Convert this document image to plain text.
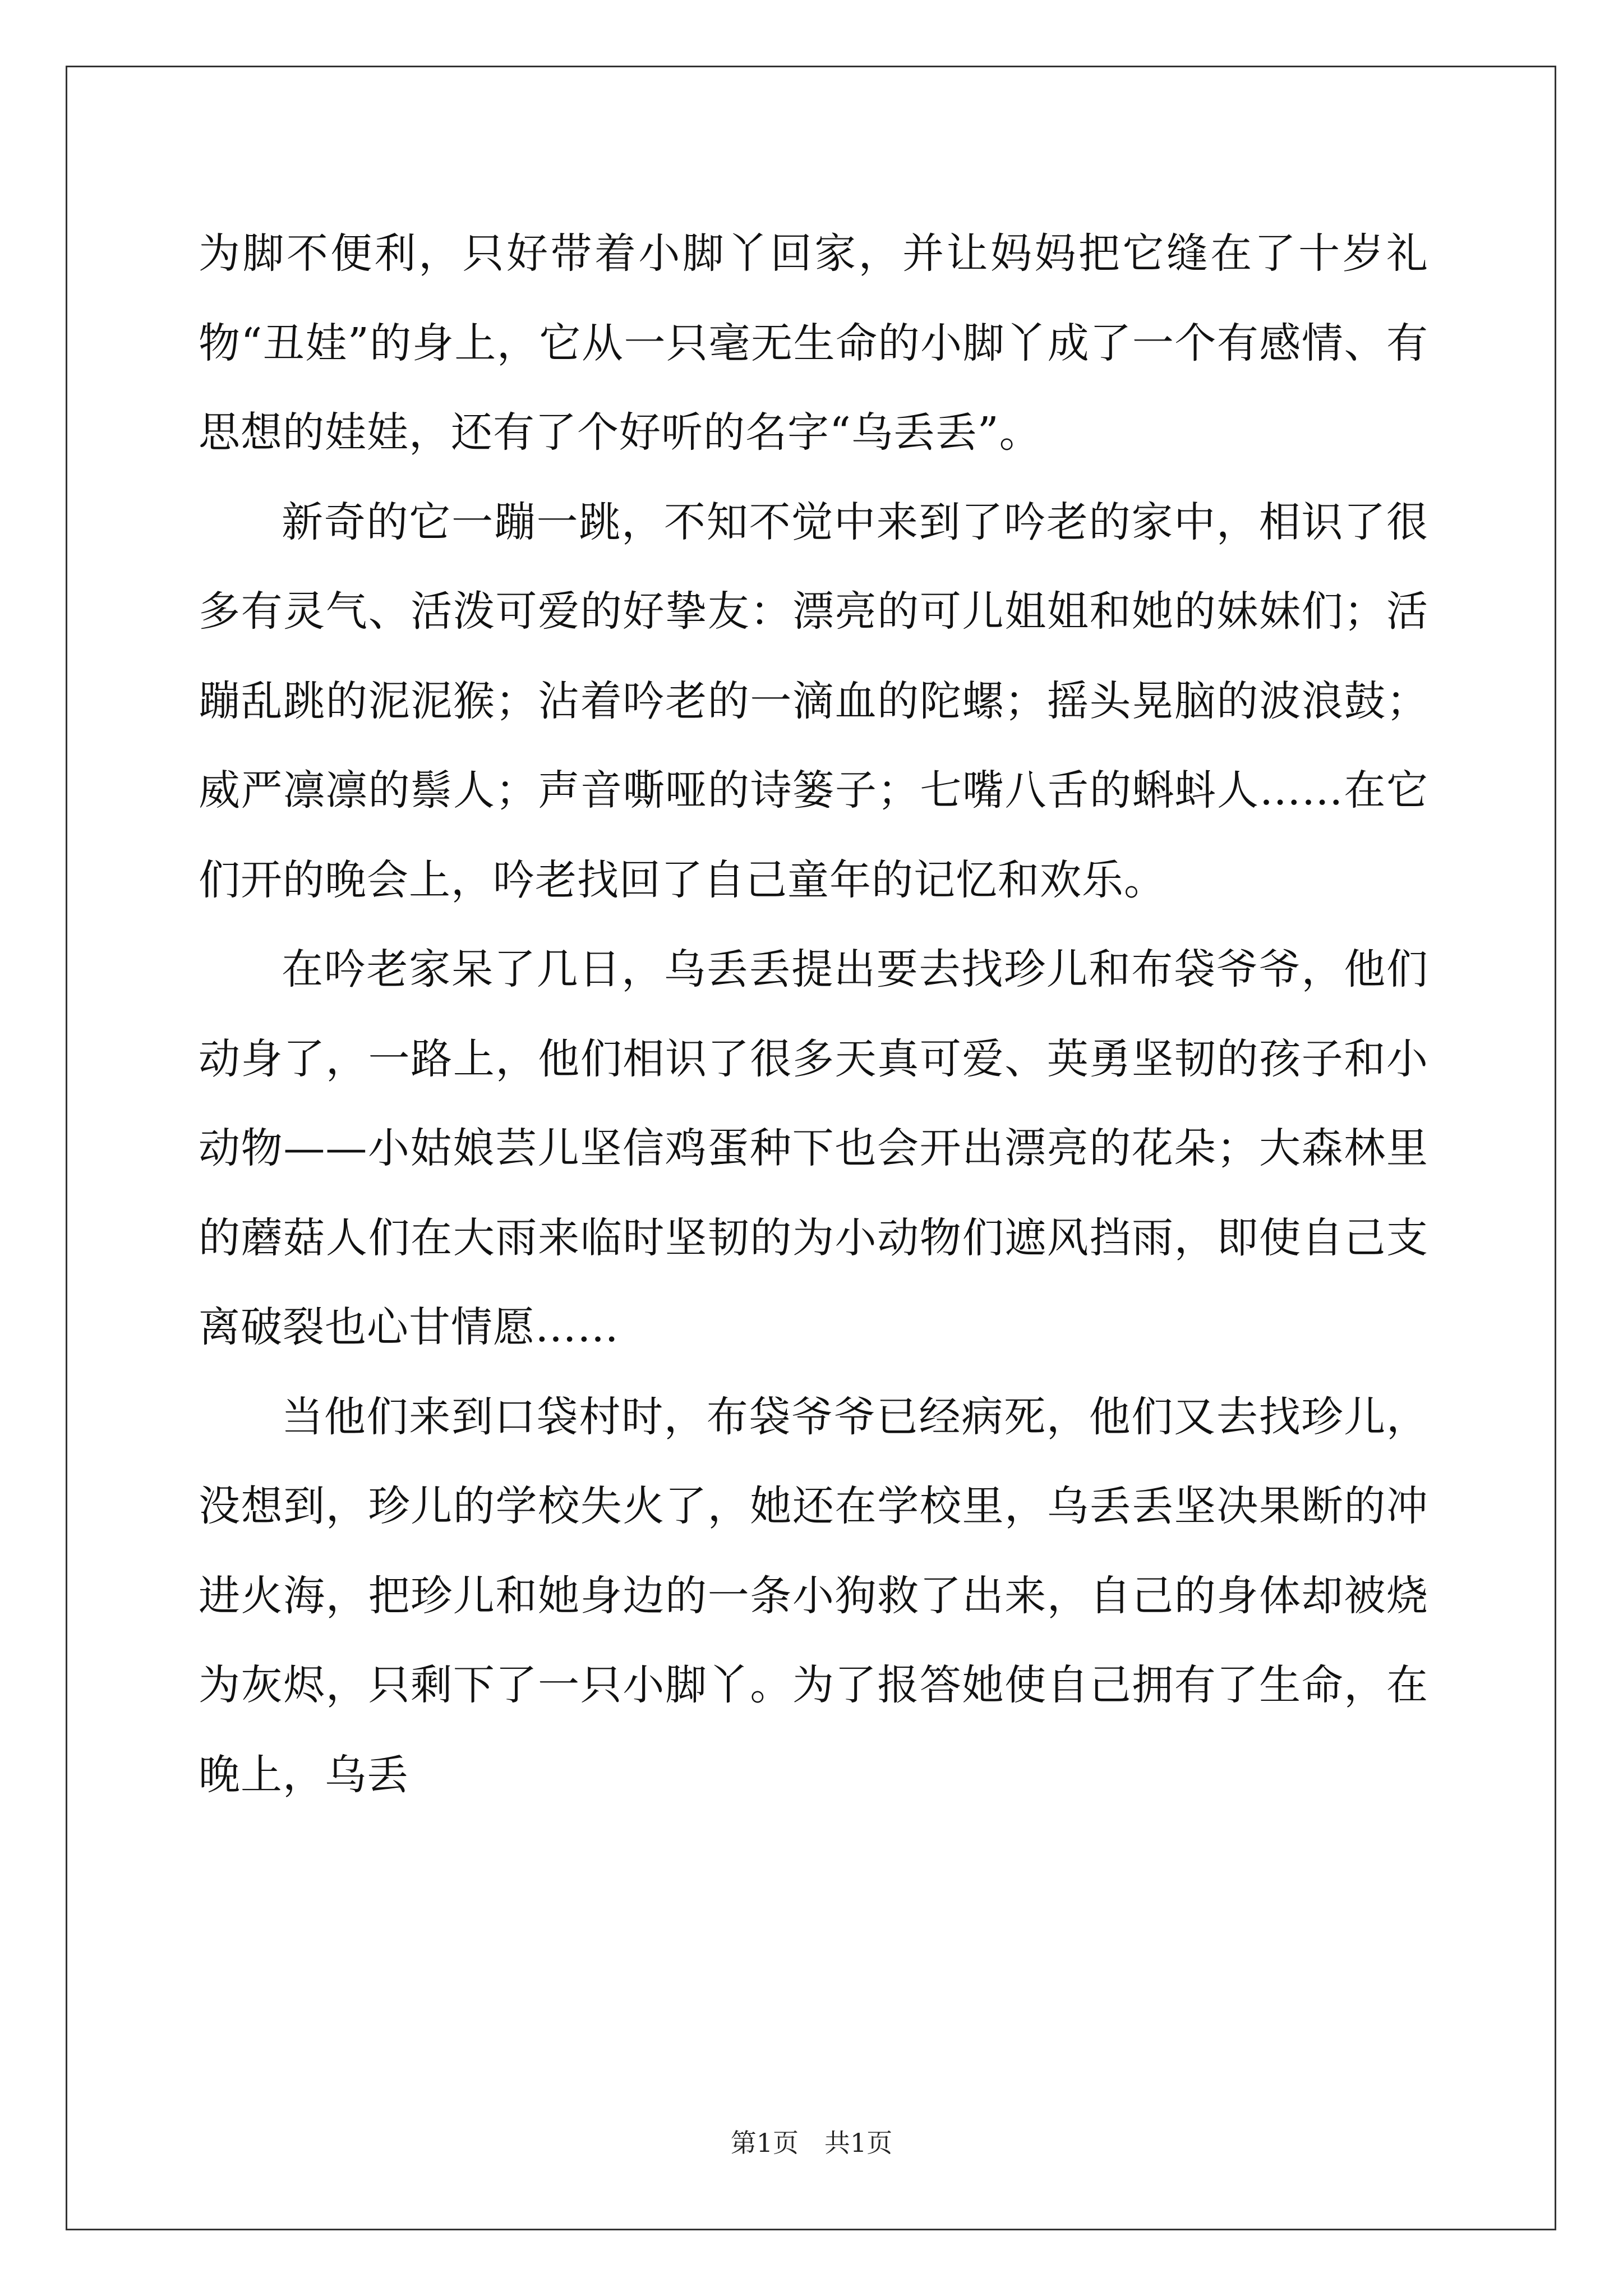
为脚不便利，只好带着小脚丫回家，并让妈妈把它缝在了十岁礼物“丑娃”的身上，它从一只毫无生命的小脚丫成了一个有感情、有思想的娃娃，还有了个好听的名字“乌丢丢”。

新奇的它一蹦一跳，不知不觉中来到了吟老的家中，相识了很多有灵气、活泼可爱的好挚友：漂亮的可儿姐姐和她的妹妹们；活蹦乱跳的泥泥猴；沾着吟老的一滴血的陀螺；摇头晃脑的波浪鼓；威严凛凛的鬃人；声音嘶哑的诗篓子；七嘴八舌的蝌蚪人……在它们开的晚会上，吟老找回了自己童年的记忆和欢乐。

在吟老家呆了几日，乌丢丢提出要去找珍儿和布袋爷爷，他们动身了，一路上，他们相识了很多天真可爱、英勇坚韧的孩子和小动物——小姑娘芸儿坚信鸡蛋种下也会开出漂亮的花朵；大森林里的蘑菇人们在大雨来临时坚韧的为小动物们遮风挡雨，即使自己支离破裂也心甘情愿……

当他们来到口袋村时，布袋爷爷已经病死，他们又去找珍儿，没想到，珍儿的学校失火了，她还在学校里，乌丢丢坚决果断的冲进火海，把珍儿和她身边的一条小狗救了出来，自己的身体却被烧为灰烬，只剩下了一只小脚丫。为了报答她使自己拥有了生命，在晚上，乌丢

第1页 共1页
